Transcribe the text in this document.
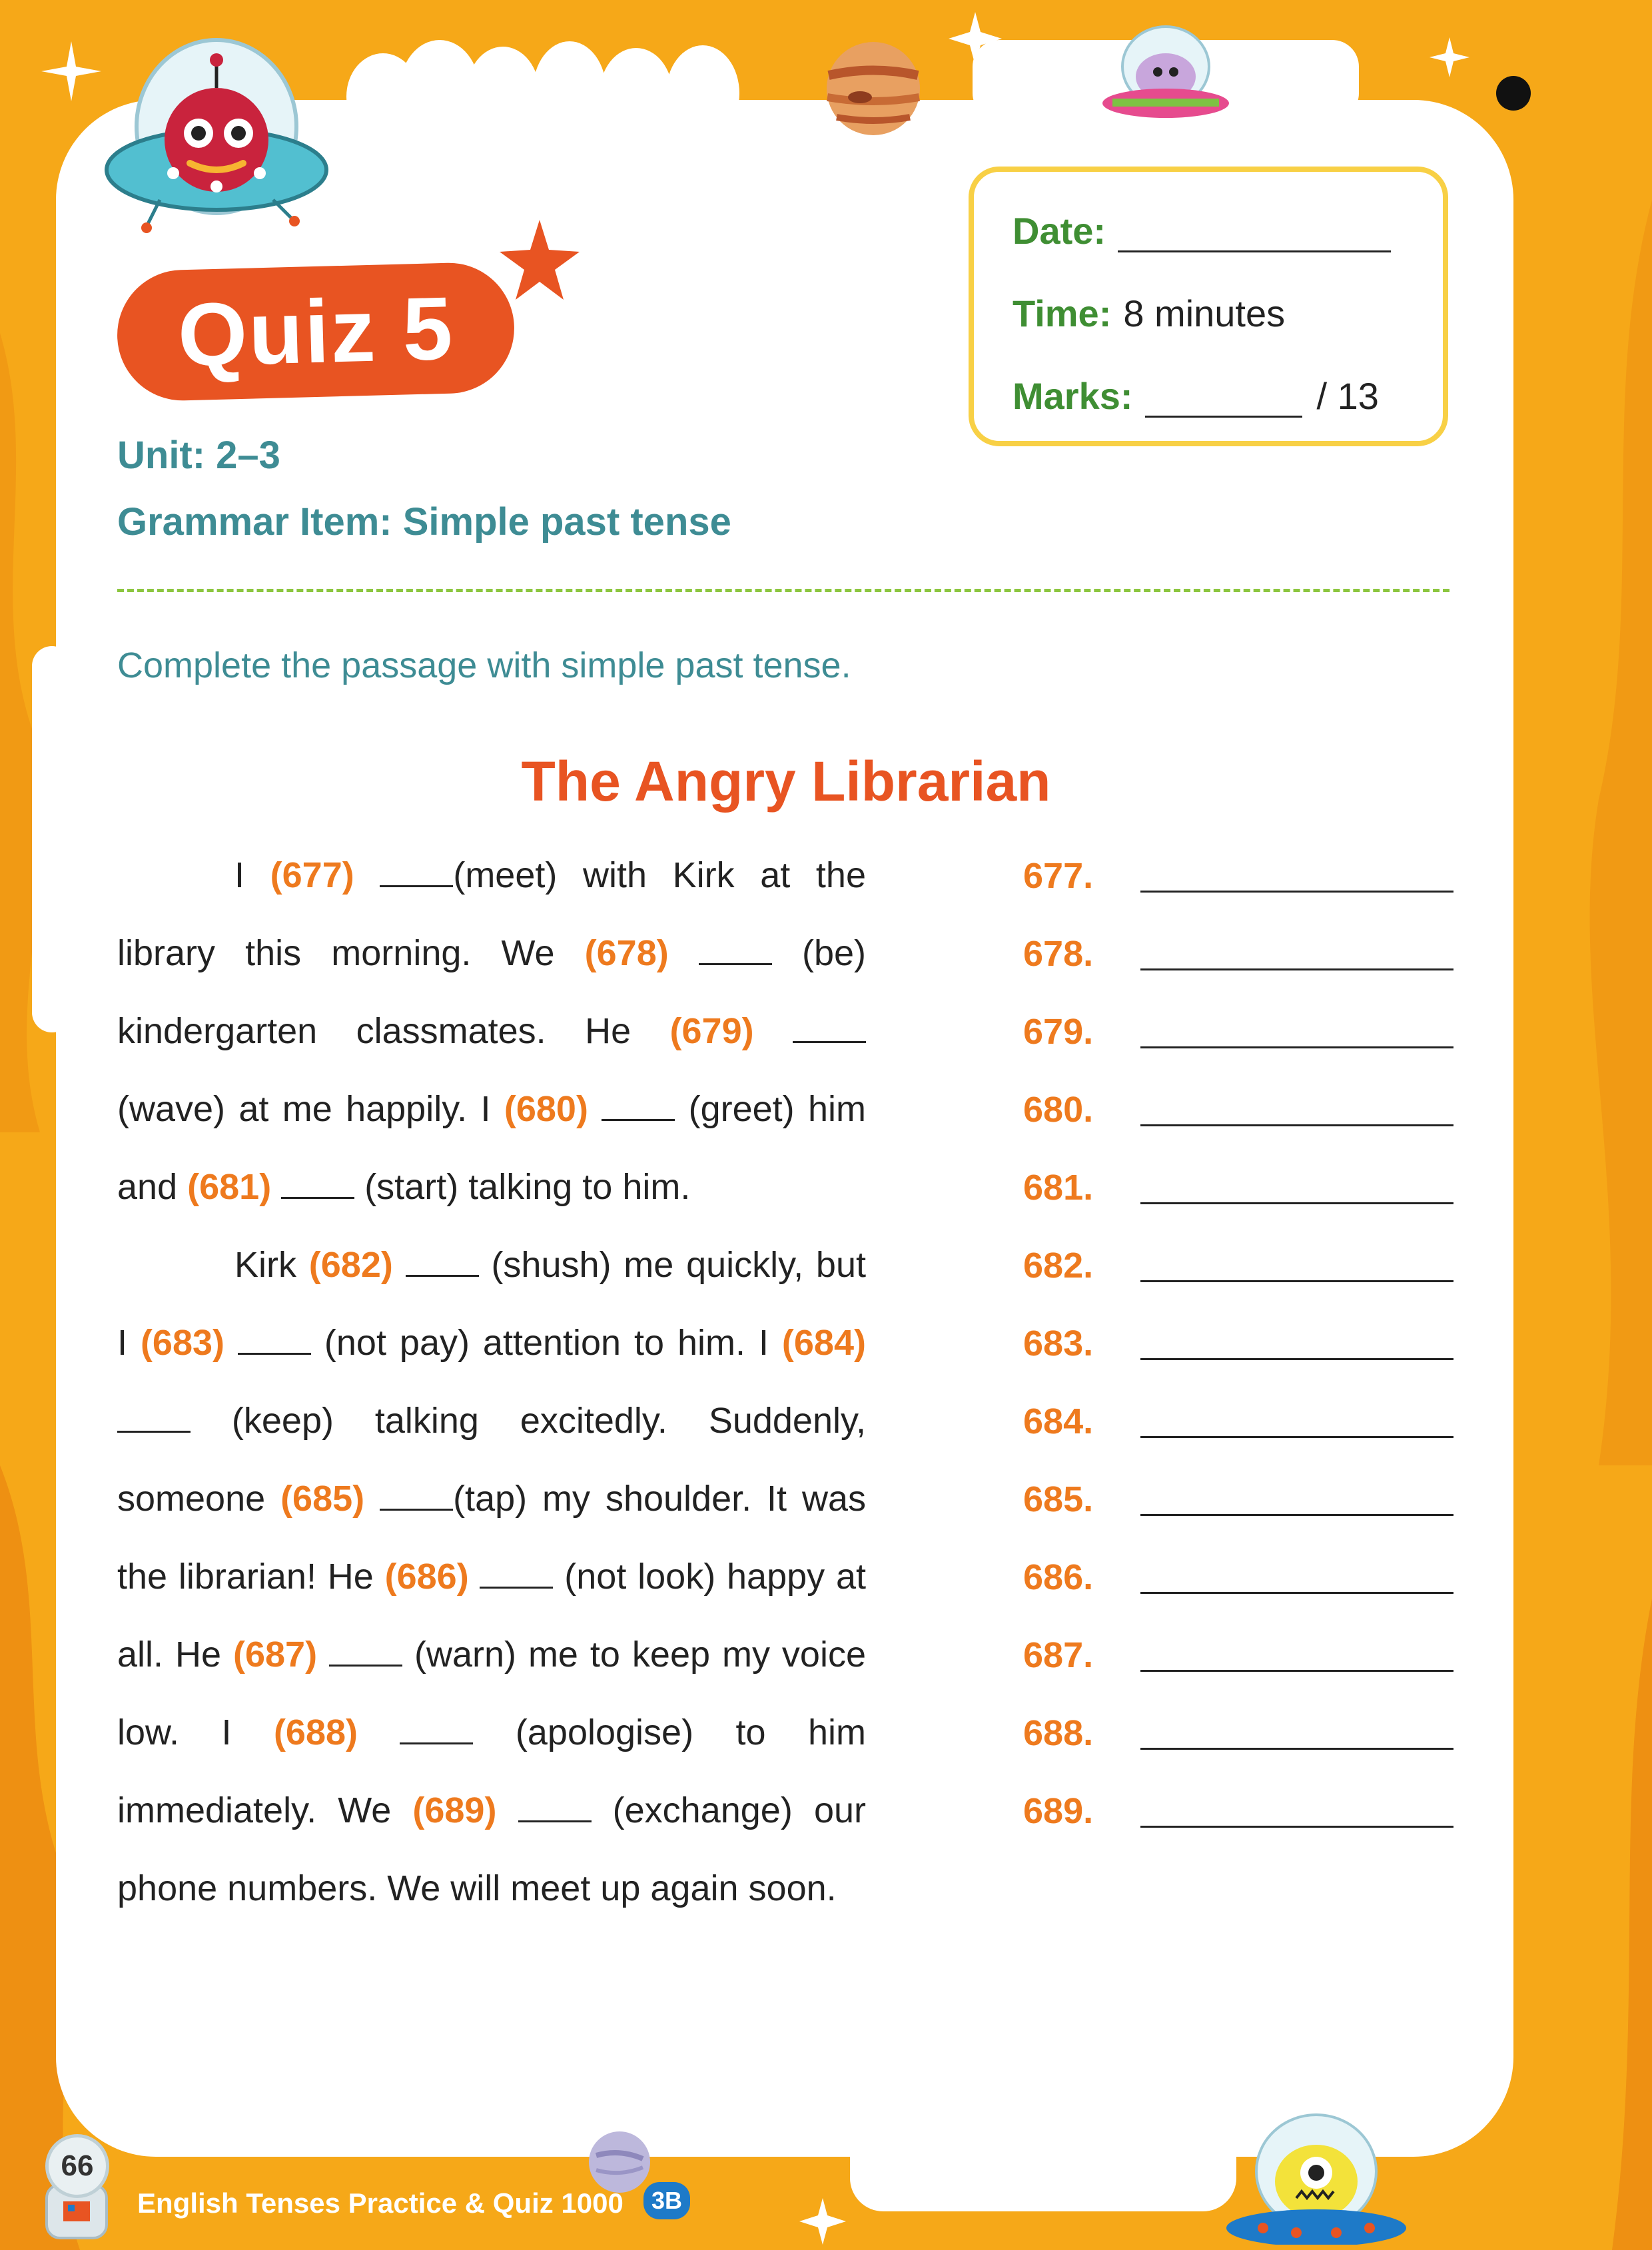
Quiz 5
Date:
Time: 8 minutes
Marks:	/ 13
Unit: 2–3
Grammar Item: Simple past tense
Complete the passage with simple past tense.
The Angry Librarian

I (677)	(meet) with Kirk at the library this morning. We (678)	(be) kindergarten classmates. He (679)  (wave) at me happily. I (680)  (greet) him and (681)  (start) talking to him.

Kirk (682)  (shush) me quickly, but I (683)  (not pay) attention to him. I (684)  (keep) talking excitedly. Suddenly, someone (685) (tap) my shoulder. It was the librarian! He (686)  (not look) happy at all. He (687)  (warn) me to keep my voice low. I (688)	(apologise) to him immediately. We (689)	(exchange) our phone numbers. We will meet up again soon.

677.
678.
679.
680.
681.
682.
683.
684.
685.
686.
687.
688.
689.
66
English Tenses Practice & Quiz 1000	3B
